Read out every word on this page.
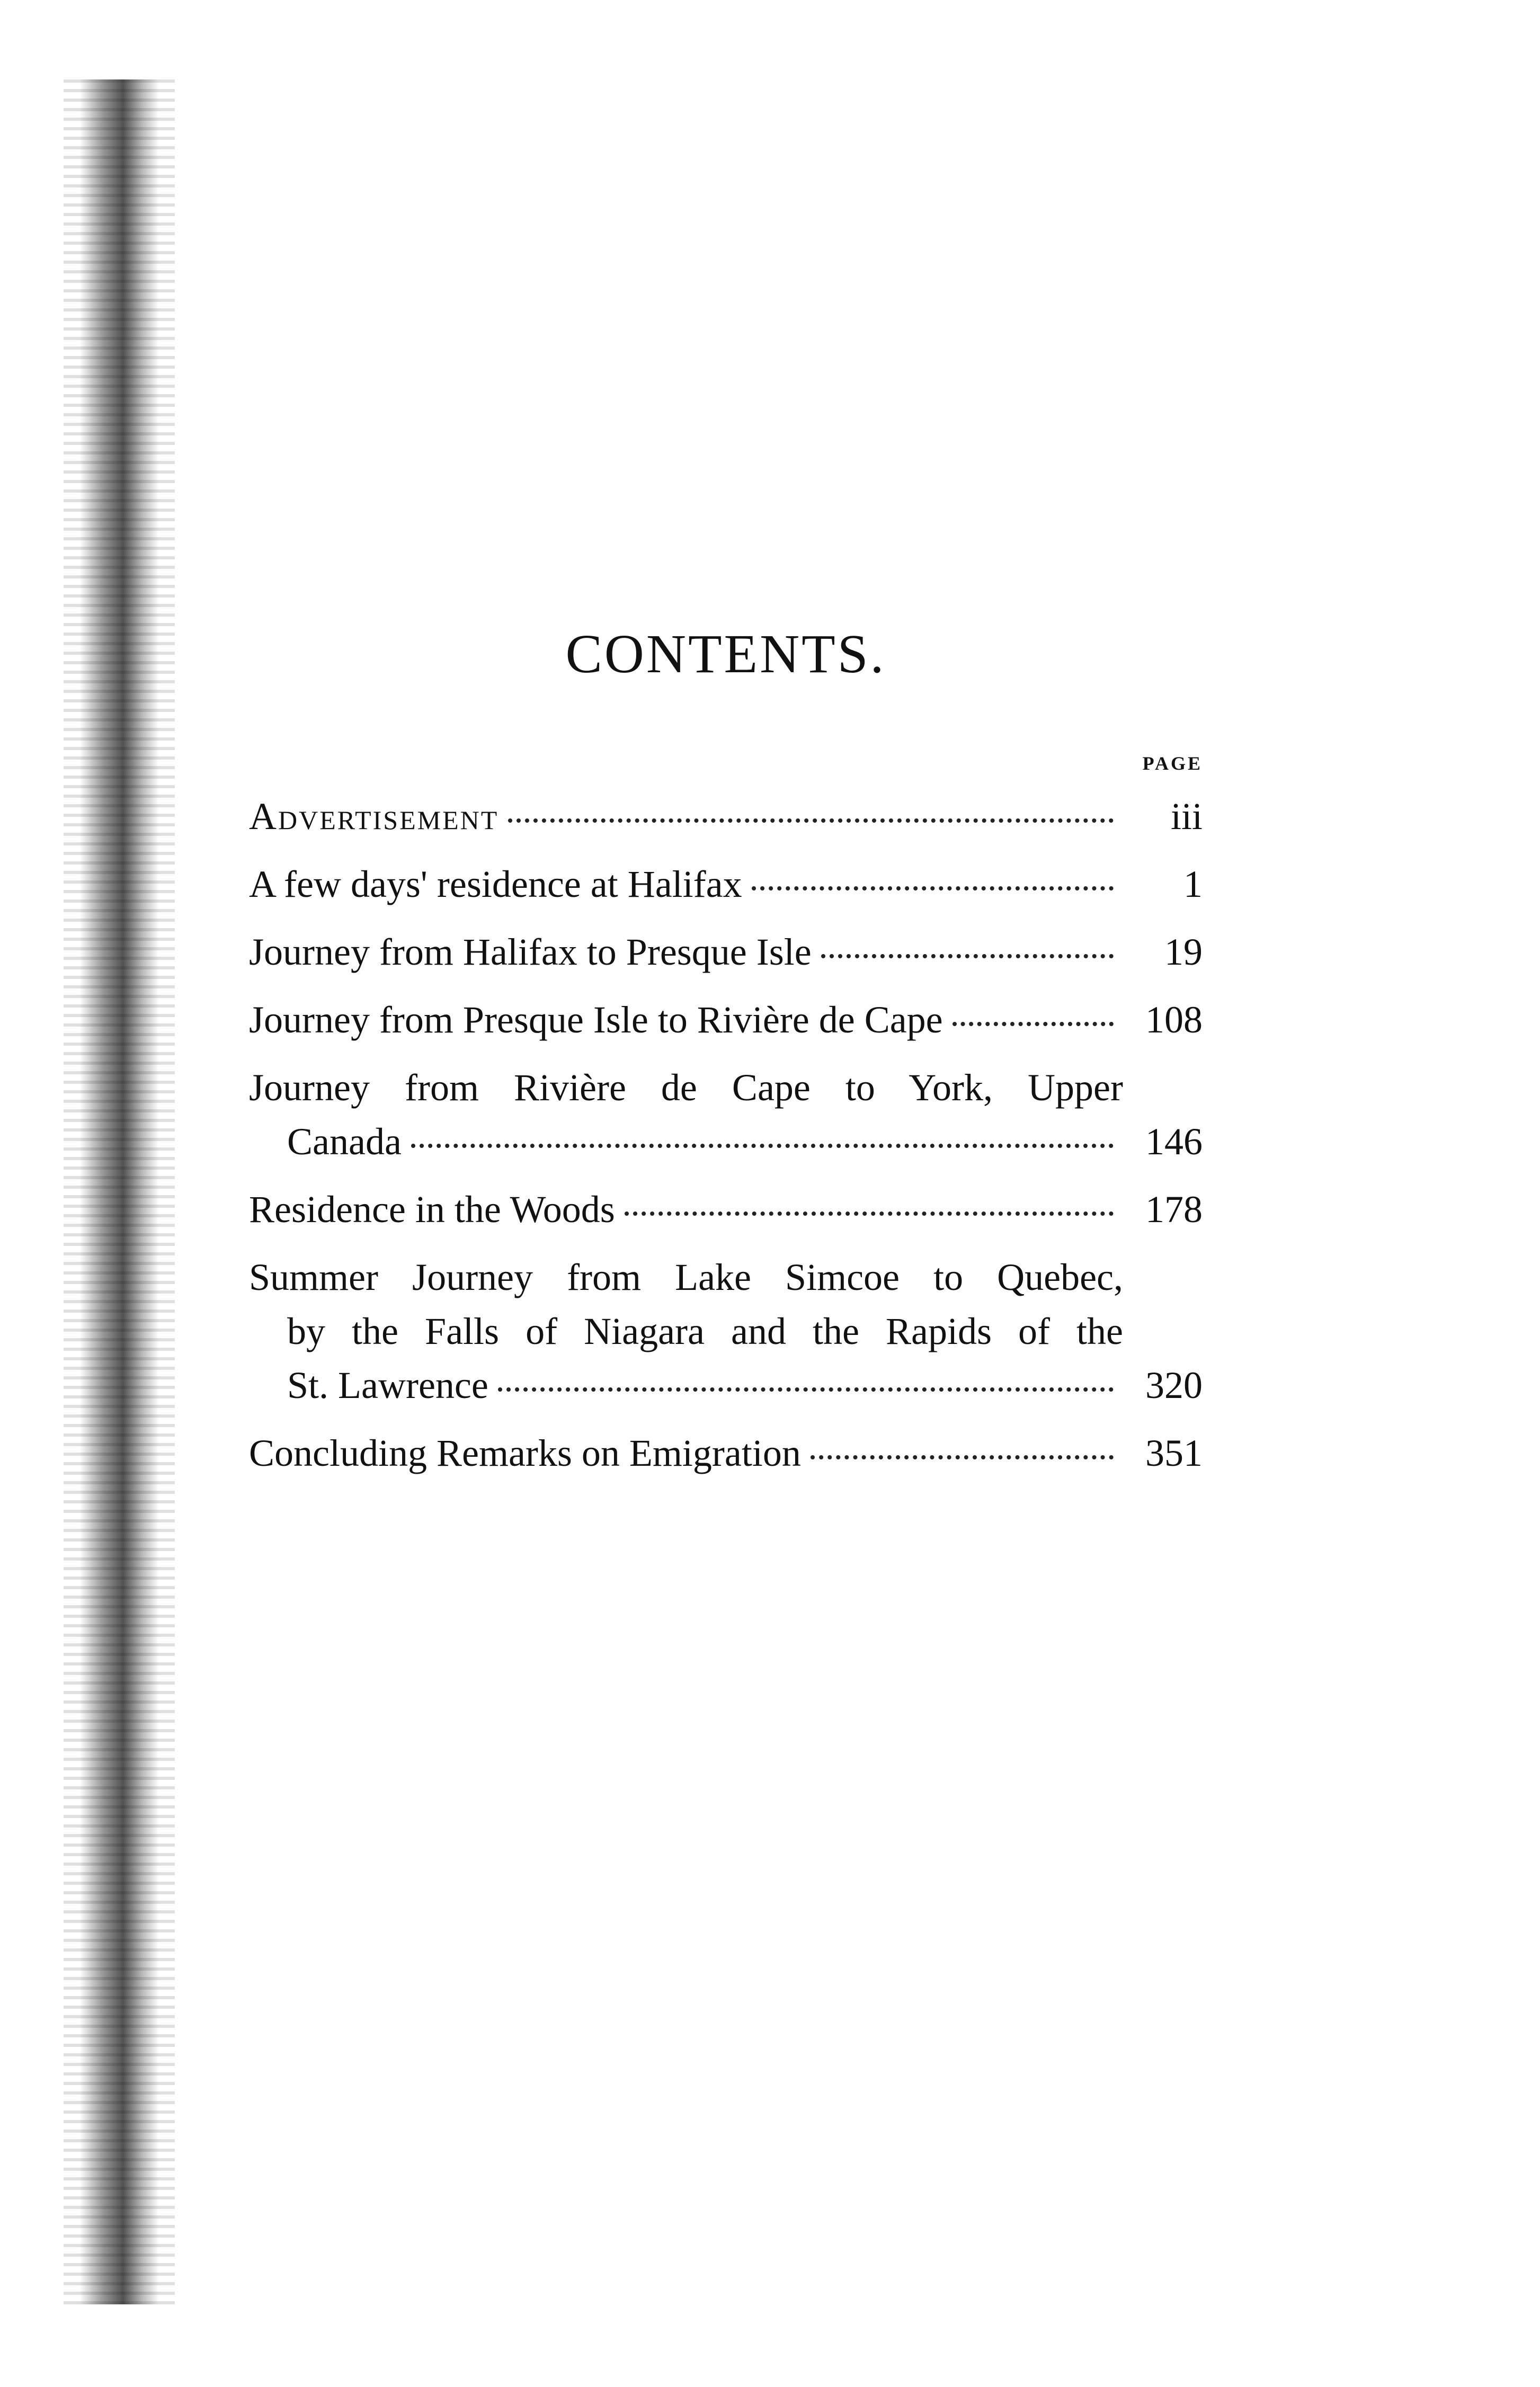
CONTENTS.
PAGE
Advertisement	iii
A few days' residence at Halifax	1
Journey from Halifax to Presque Isle	19
Journey from Presque Isle to Rivière de Cape	108
Journey from Rivière de Cape to York, Upper
Canada	146
Residence in the Woods	178
Summer Journey from Lake Simcoe to Quebec,
by the Falls of Niagara and the Rapids of the
St. Lawrence	320
Concluding Remarks on Emigration	351
